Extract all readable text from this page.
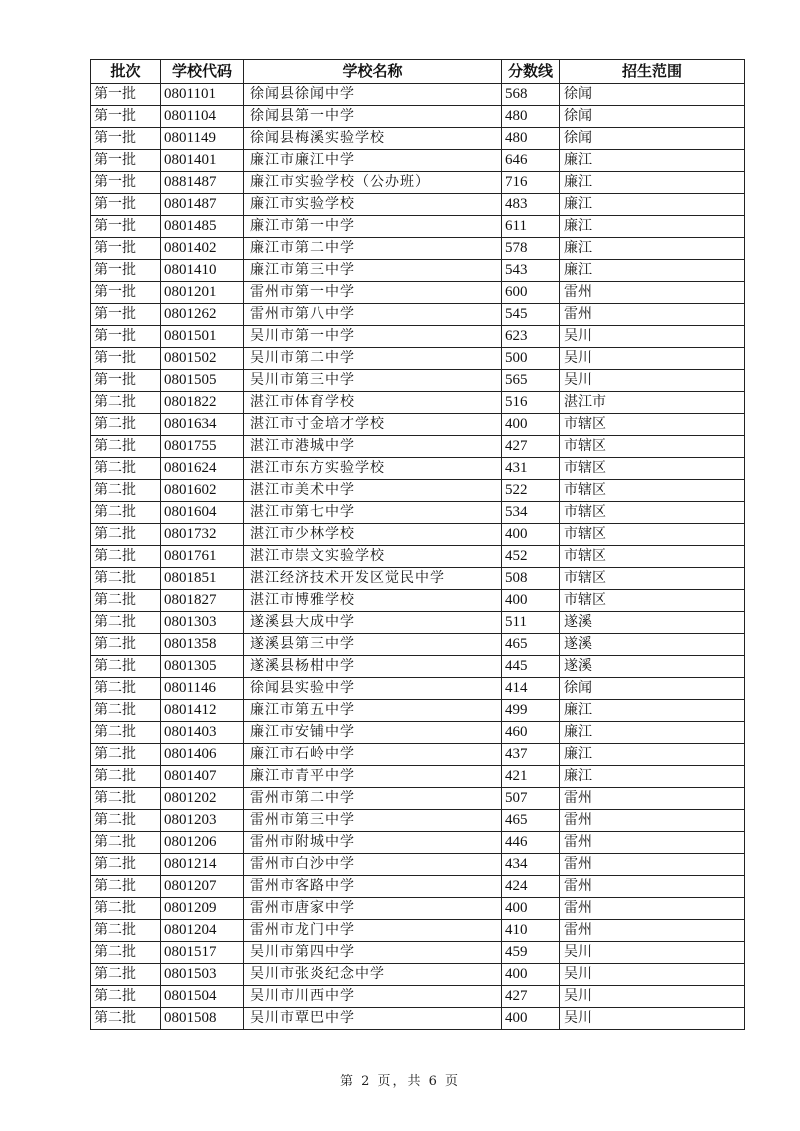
批次	学校代码	学校名称	分数线	招生范围
第一批	0801101	徐闻县徐闻中学	568	徐闻
第一批	0801104	徐闻县第一中学	480	徐闻
第一批	0801149	徐闻县梅溪实验学校	480	徐闻
第一批	0801401	廉江市廉江中学	646	廉江
第一批	0881487	廉江市实验学校（公办班）	716	廉江
第一批	0801487	廉江市实验学校	483	廉江
第一批	0801485	廉江市第一中学	611	廉江
第一批	0801402	廉江市第二中学	578	廉江
第一批	0801410	廉江市第三中学	543	廉江
第一批	0801201	雷州市第一中学	600	雷州
第一批	0801262	雷州市第八中学	545	雷州
第一批	0801501	吴川市第一中学	623	吴川
第一批	0801502	吴川市第二中学	500	吴川
第一批	0801505	吴川市第三中学	565	吴川
第二批	0801822	湛江市体育学校	516	湛江市
第二批	0801634	湛江市寸金培才学校	400	市辖区
第二批	0801755	湛江市港城中学	427	市辖区
第二批	0801624	湛江市东方实验学校	431	市辖区
第二批	0801602	湛江市美术中学	522	市辖区
第二批	0801604	湛江市第七中学	534	市辖区
第二批	0801732	湛江市少林学校	400	市辖区
第二批	0801761	湛江市崇文实验学校	452	市辖区
第二批	0801851	湛江经济技术开发区觉民中学	508	市辖区
第二批	0801827	湛江市博雅学校	400	市辖区
第二批	0801303	遂溪县大成中学	511	遂溪
第二批	0801358	遂溪县第三中学	465	遂溪
第二批	0801305	遂溪县杨柑中学	445	遂溪
第二批	0801146	徐闻县实验中学	414	徐闻
第二批	0801412	廉江市第五中学	499	廉江
第二批	0801403	廉江市安铺中学	460	廉江
第二批	0801406	廉江市石岭中学	437	廉江
第二批	0801407	廉江市青平中学	421	廉江
第二批	0801202	雷州市第二中学	507	雷州
第二批	0801203	雷州市第三中学	465	雷州
第二批	0801206	雷州市附城中学	446	雷州
第二批	0801214	雷州市白沙中学	434	雷州
第二批	0801207	雷州市客路中学	424	雷州
第二批	0801209	雷州市唐家中学	400	雷州
第二批	0801204	雷州市龙门中学	410	雷州
第二批	0801517	吴川市第四中学	459	吴川
第二批	0801503	吴川市张炎纪念中学	400	吴川
第二批	0801504	吴川市川西中学	427	吴川
第二批	0801508	吴川市覃巴中学	400	吴川
第 2 页，共 6 页
